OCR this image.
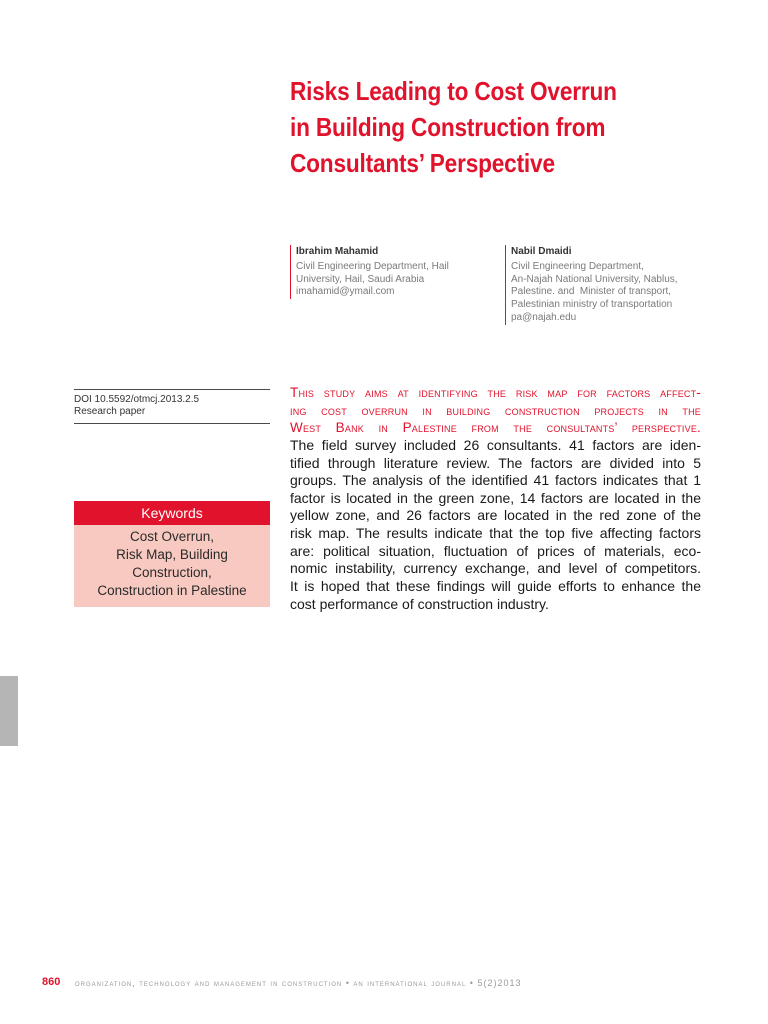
Risks Leading to Cost Overrun
in Building Construction from
Consultants’ Perspective
Ibrahim Mahamid
Civil Engineering Department, Hail
University, Hail, Saudi Arabia
imahamid@ymail.com
Nabil Dmaidi
Civil Engineering Department,
An-Najah National University, Nablus,
Palestine. and  Minister of transport,
Palestinian ministry of transportation
pa@najah.edu
DOI 10.5592/otmcj.2013.2.5
Research paper
Keywords
Cost Overrun,
Risk Map, Building
Construction,
Construction in Palestine
This study aims at identifying the risk map for factors affect-
ing cost overrun in building construction projects in the
West Bank in Palestine from the consultants’ perspective.
The field survey included 26 consultants. 41 factors are iden-
tified through literature review. The factors are divided into 5
groups. The analysis of the identified 41 factors indicates that 1
factor is located in the green zone, 14 factors are located in the
yellow zone, and 26 factors are located in the red zone of the
risk map. The results indicate that the top five affecting factors
are: political situation, fluctuation of prices of materials, eco-
nomic instability, currency exchange, and level of competitors.
It is hoped that these findings will guide efforts to enhance the
cost performance of construction industry.
860 organization, technology and management in construction • an international journal • 5(2)2013
